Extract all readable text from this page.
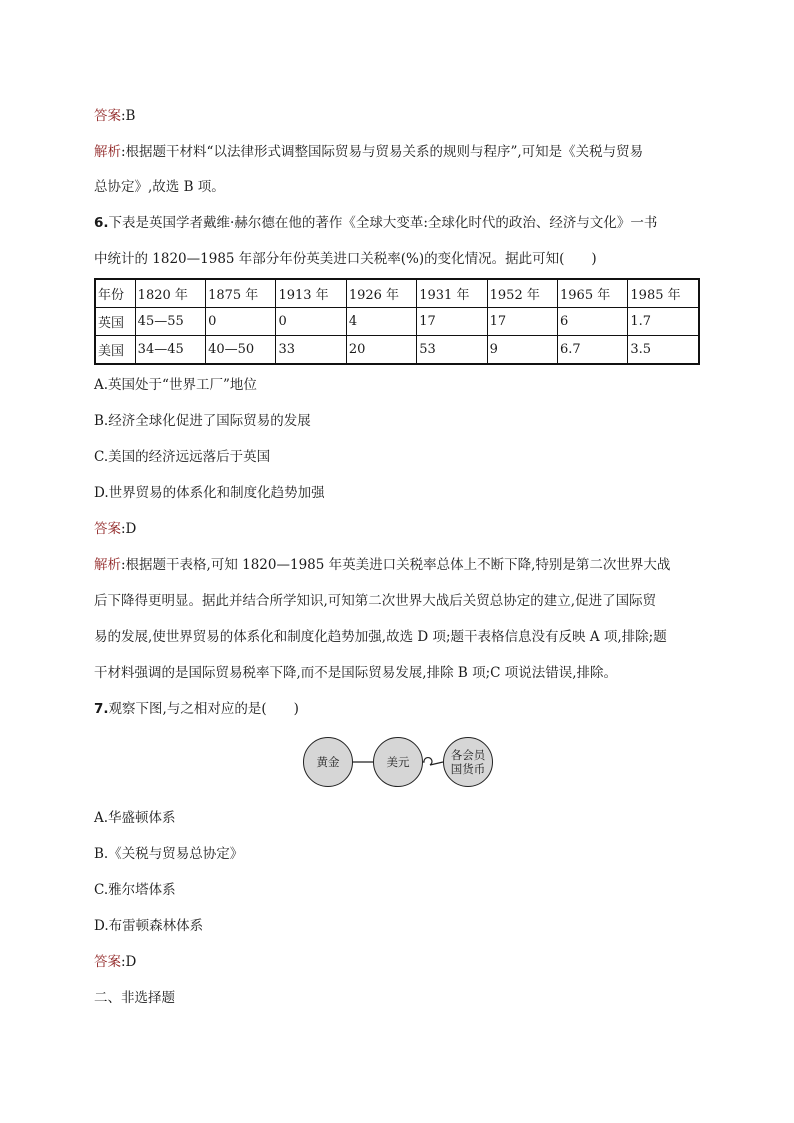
答案:B
解析:根据题干材料“以法律形式调整国际贸易与贸易关系的规则与程序”,可知是《关税与贸易
总协定》,故选 B 项。
6.下表是英国学者戴维·赫尔德在他的著作《全球大变革:全球化时代的政治、经济与文化》一书
中统计的 1820—1985 年部分年份英美进口关税率(%)的变化情况。据此可知(　　)
年份	1820 年	1875 年	1913 年	1926 年	1931 年	1952 年	1965 年	1985 年
英国	45—55	0	0	4	17	17	6	1.7
美国	34—45	40—50	33	20	53	9	6.7	3.5
A.英国处于“世界工厂”地位
B.经济全球化促进了国际贸易的发展
C.美国的经济远远落后于英国
D.世界贸易的体系化和制度化趋势加强
答案:D
解析:根据题干表格,可知 1820—1985 年英美进口关税率总体上不断下降,特别是第二次世界大战
后下降得更明显。据此并结合所学知识,可知第二次世界大战后关贸总协定的建立,促进了国际贸
易的发展,使世界贸易的体系化和制度化趋势加强,故选 D 项;题干表格信息没有反映 A 项,排除;题
干材料强调的是国际贸易税率下降,而不是国际贸易发展,排除 B 项;C 项说法错误,排除。
7.观察下图,与之相对应的是(　　)
黄金	美元	各会员
国货币
A.华盛顿体系
B.《关税与贸易总协定》
C.雅尔塔体系
D.布雷顿森林体系
答案:D
二、非选择题
